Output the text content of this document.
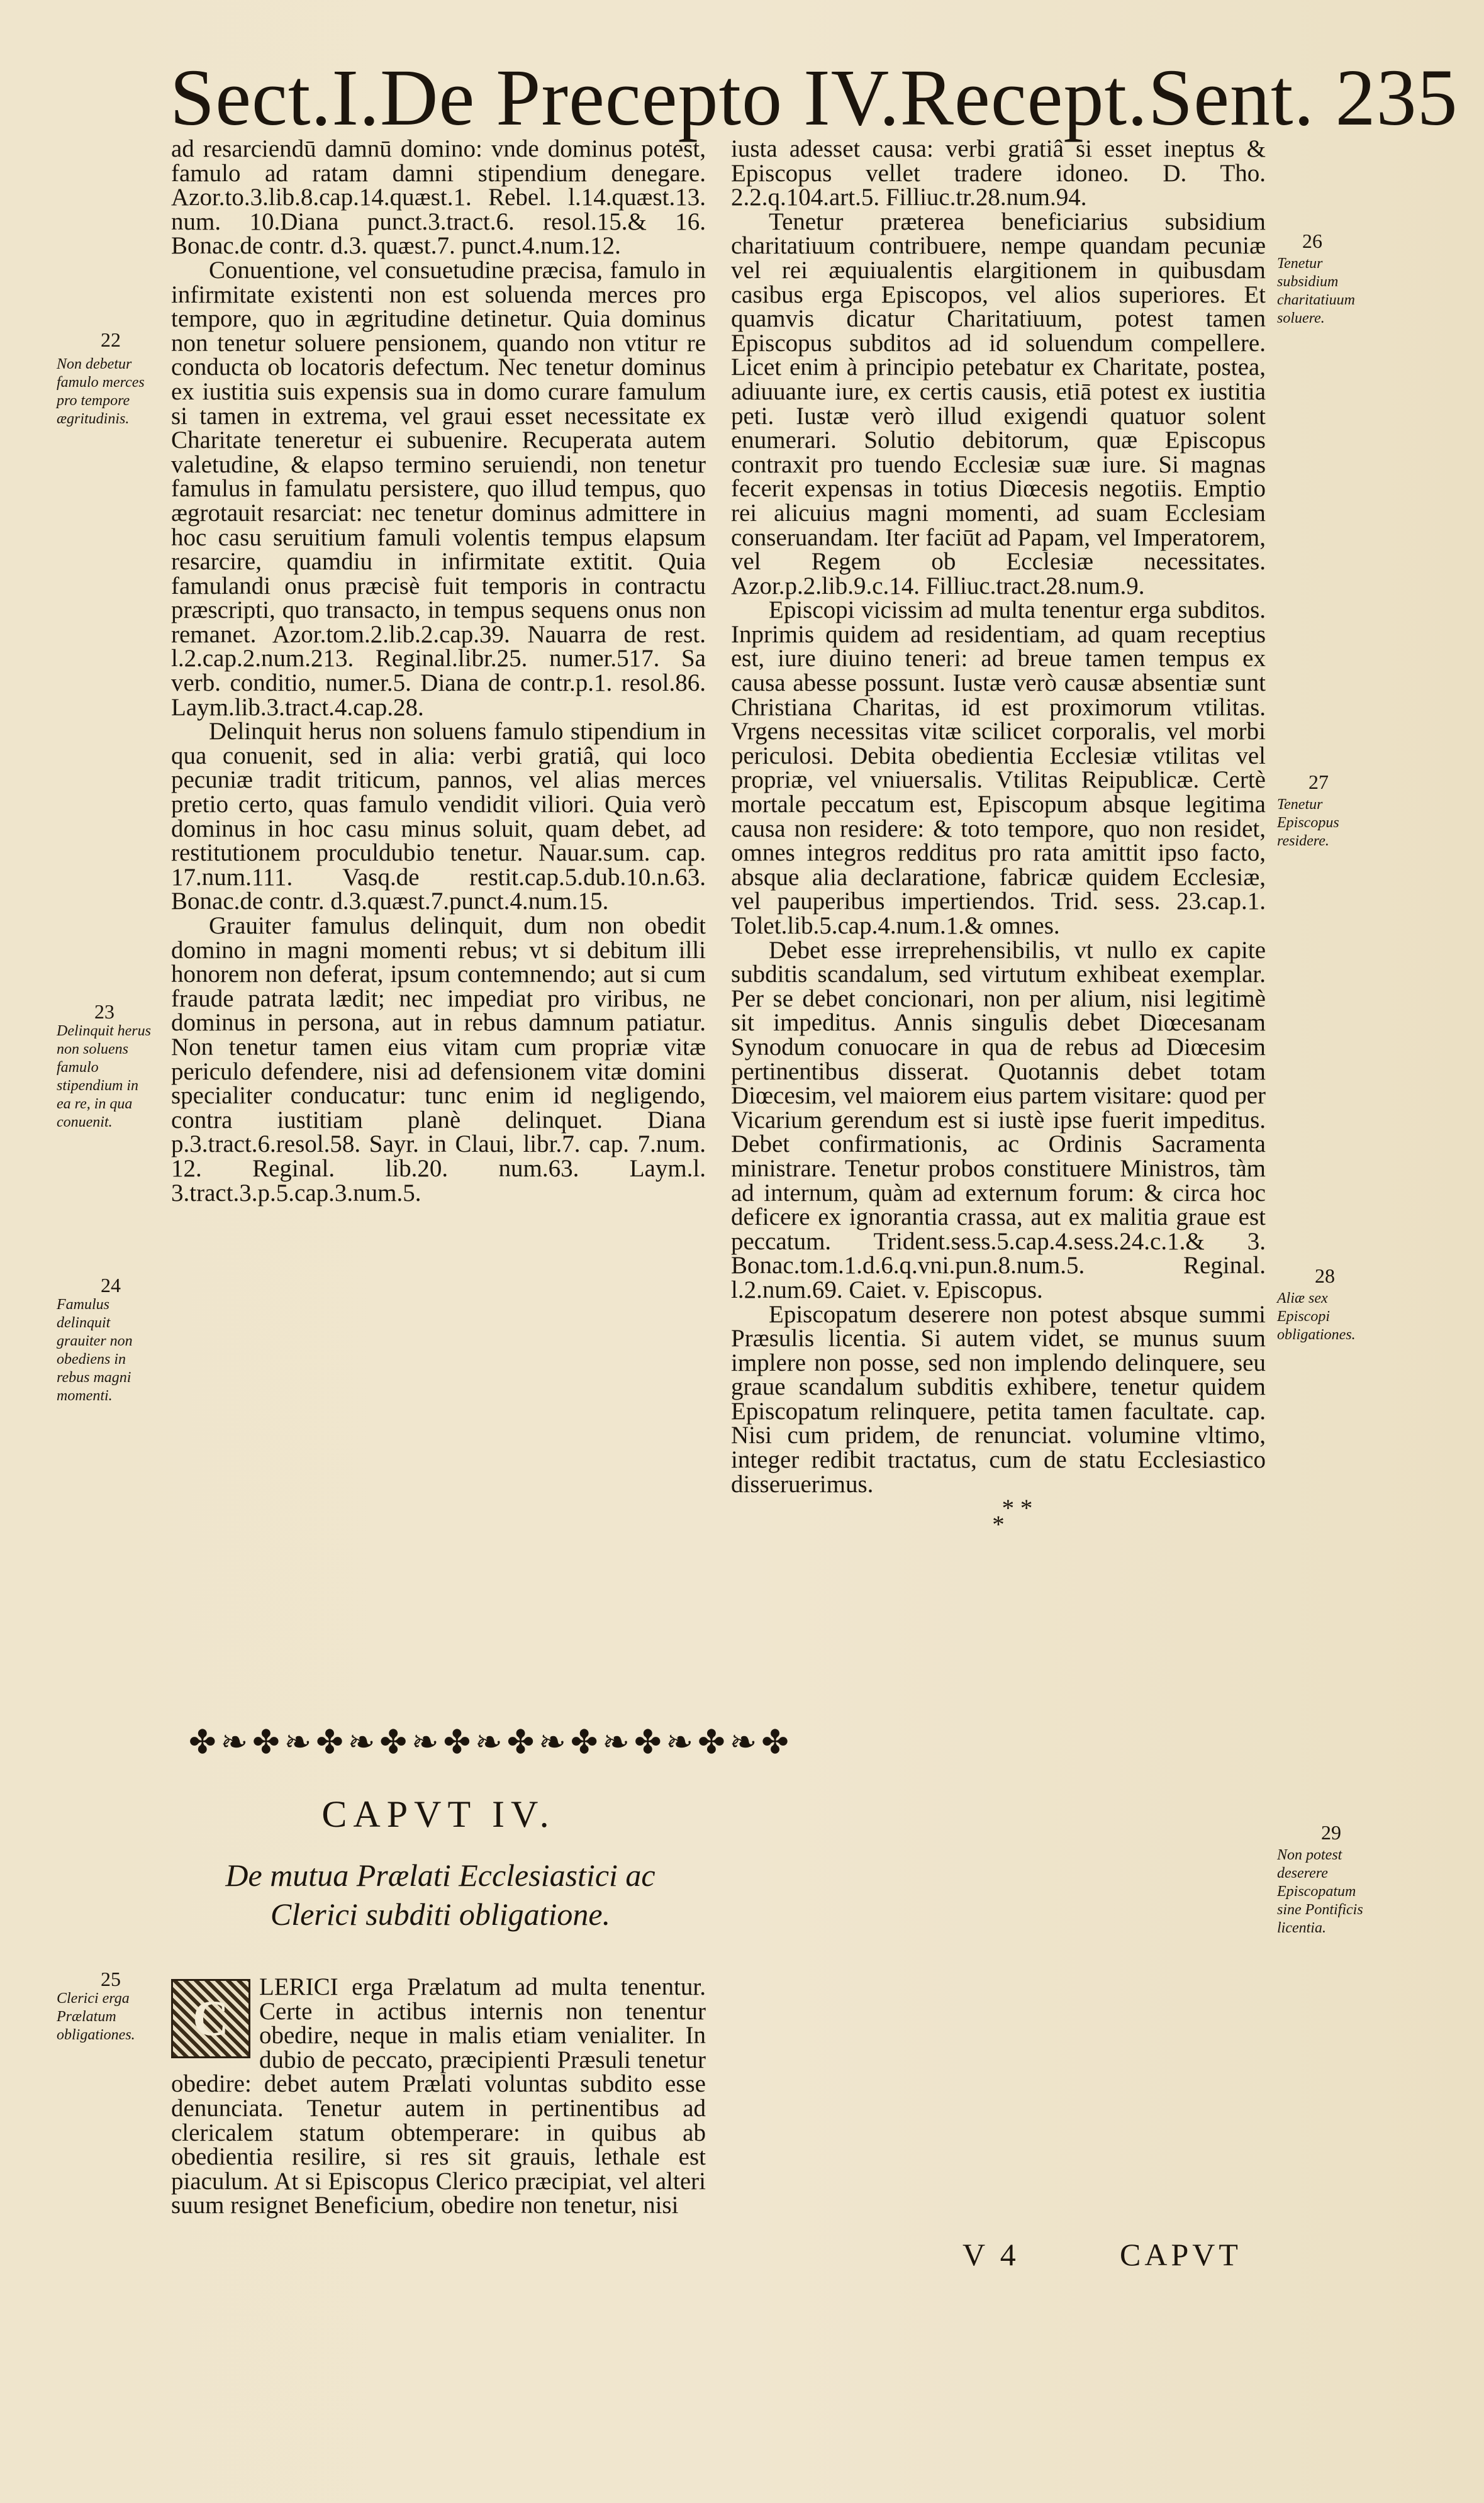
Sect.I.De Precepto IV.Recept.Sent. 235
22
Non debetur famulo merces pro tempore ægritudinis.
23
Delinquit herus non soluens famulo stipendium in ea re, in qua conuenit.
24
Famulus delinquit grauiter non obediens in rebus magni momenti.
25
Clerici erga Prælatum obligationes.
26
Tenetur subsidium charitatiuum soluere.
27
Tenetur Episcopus residere.
28
Aliæ sex Episcopi obligationes.
29
Non potest deserere Episcopatum sine Pontificis licentia.

ad resarciendū damnū domino: vnde dominus potest, famulo ad ratam damni stipendium denegare. Azor.to.3.lib.8.cap.14.quæst.1. Rebel. l.14.quæst.13. num. 10.Diana punct.3.tract.6. resol.15.& 16. Bonac.de contr. d.3. quæst.7. punct.4.num.12.

Conuentione, vel consuetudine præcisa, famulo in infirmitate existenti non est soluenda merces pro tempore, quo in ægritudine detinetur. Quia dominus non tenetur soluere pensionem, quando non vtitur re conducta ob locatoris defectum. Nec tenetur dominus ex iustitia suis expensis sua in domo curare famulum si tamen in extrema, vel graui esset necessitate ex Charitate teneretur ei subuenire. Recuperata autem valetudine, & elapso termino seruiendi, non tenetur famulus in famulatu persistere, quo illud tempus, quo ægrotauit resarciat: nec tenetur dominus admittere in hoc casu seruitium famuli volentis tempus elapsum resarcire, quamdiu in infirmitate extitit. Quia famulandi onus præcisè fuit temporis in contractu præscripti, quo transacto, in tempus sequens onus non remanet. Azor.tom.2.lib.2.cap.39. Nauarra de rest. l.2.cap.2.num.213. Reginal.libr.25. numer.517. Sa verb. conditio, numer.5. Diana de contr.p.1. resol.86. Laym.lib.3.tract.4.cap.28.

Delinquit herus non soluens famulo stipendium in qua conuenit, sed in alia: verbi gratiâ, qui loco pecuniæ tradit triticum, pannos, vel alias merces pretio certo, quas famulo vendidit viliori. Quia verò dominus in hoc casu minus soluit, quam debet, ad restitutionem proculdubio tenetur. Nauar.sum. cap. 17.num.111. Vasq.de restit.cap.5.dub.10.n.63. Bonac.de contr. d.3.quæst.7.punct.4.num.15.

Grauiter famulus delinquit, dum non obedit domino in magni momenti rebus; vt si debitum illi honorem non deferat, ipsum contemnendo; aut si cum fraude patrata lædit; nec impediat pro viribus, ne dominus in persona, aut in rebus damnum patiatur. Non tenetur tamen eius vitam cum propriæ vitæ periculo defendere, nisi ad defensionem vitæ domini specialiter conducatur: tunc enim id negligendo, contra iustitiam planè delinquet. Diana p.3.tract.6.resol.58. Sayr. in Claui, libr.7. cap. 7.num. 12. Reginal. lib.20. num.63. Laym.l. 3.tract.3.p.5.cap.3.num.5.

✤❧✤❧✤❧✤❧✤❧✤❧✤❧✤❧✤❧✤
CAPVT IV.
De mutua Prælati Ecclesiastici ac Clerici subditi obligatione.
C

LERICI erga Prælatum ad multa tenentur. Certe in actibus internis non tenentur obedire, neque in malis etiam venialiter. In dubio de peccato, præcipienti Præsuli tenetur obedire: debet autem Prælati voluntas subdito esse denunciata. Tenetur autem in pertinentibus ad clericalem statum obtemperare: in quibus ab obedientia resilire, si res sit grauis, lethale est piaculum. At si Episcopus Clerico præcipiat, vel alteri suum resignet Beneficium, obedire non tenetur, nisi

iusta adesset causa: verbi gratiâ si esset ineptus & Episcopus vellet tradere idoneo. D. Tho. 2.2.q.104.art.5. Filliuc.tr.28.num.94.

Tenetur præterea beneficiarius subsidium charitatiuum contribuere, nempe quandam pecuniæ vel rei æquiualentis elargitionem in quibusdam casibus erga Episcopos, vel alios superiores. Et quamvis dicatur Charitatiuum, potest tamen Episcopus subditos ad id soluendum compellere. Licet enim à principio petebatur ex Charitate, postea, adiuuante iure, ex certis causis, etiā potest ex iustitia peti. Iustæ verò illud exigendi quatuor solent enumerari. Solutio debitorum, quæ Episcopus contraxit pro tuendo Ecclesiæ suæ iure. Si magnas fecerit expensas in totius Diœcesis negotiis. Emptio rei alicuius magni momenti, ad suam Ecclesiam conseruandam. Iter faciūt ad Papam, vel Imperatorem, vel Regem ob Ecclesiæ necessitates. Azor.p.2.lib.9.c.14. Filliuc.tract.28.num.9.

Episcopi vicissim ad multa tenentur erga subditos. Inprimis quidem ad residentiam, ad quam receptius est, iure diuino teneri: ad breue tamen tempus ex causa abesse possunt. Iustæ verò causæ absentiæ sunt Christiana Charitas, id est proximorum vtilitas. Vrgens necessitas vitæ scilicet corporalis, vel morbi periculosi. Debita obedientia Ecclesiæ vtilitas vel propriæ, vel vniuersalis. Vtilitas Reipublicæ. Certè mortale peccatum est, Episcopum absque legitima causa non residere: & toto tempore, quo non residet, omnes integros redditus pro rata amittit ipso facto, absque alia declaratione, fabricæ quidem Ecclesiæ, vel pauperibus impertiendos. Trid. sess. 23.cap.1. Tolet.lib.5.cap.4.num.1.& omnes.

Debet esse irreprehensibilis, vt nullo ex capite subditis scandalum, sed virtutum exhibeat exemplar. Per se debet concionari, non per alium, nisi legitimè sit impeditus. Annis singulis debet Diœcesanam Synodum conuocare in qua de rebus ad Diœcesim pertinentibus disserat. Quotannis debet totam Diœcesim, vel maiorem eius partem visitare: quod per Vicarium gerendum est si iustè ipse fuerit impeditus. Debet confirmationis, ac Ordinis Sacramenta ministrare. Tenetur probos constituere Ministros, tàm ad internum, quàm ad externum forum: & circa hoc deficere ex ignorantia crassa, aut ex malitia graue est peccatum. Trident.sess.5.cap.4.sess.24.c.1.& 3. Bonac.tom.1.d.6.q.vni.pun.8.num.5. Reginal. l.2.num.69. Caiet. v. Episcopus.

Episcopatum deserere non potest absque summi Præsulis licentia. Si autem videt, se munus suum implere non posse, sed non implendo delinquere, seu graue scandalum subditis exhibere, tenetur quidem Episcopatum relinquere, petita tamen facultate. cap. Nisi cum pridem, de renunciat. volumine vltimo, integer redibit tractatus, cum de statu Ecclesiastico disseruerimus.

* *
*

V 4	CAPVT
